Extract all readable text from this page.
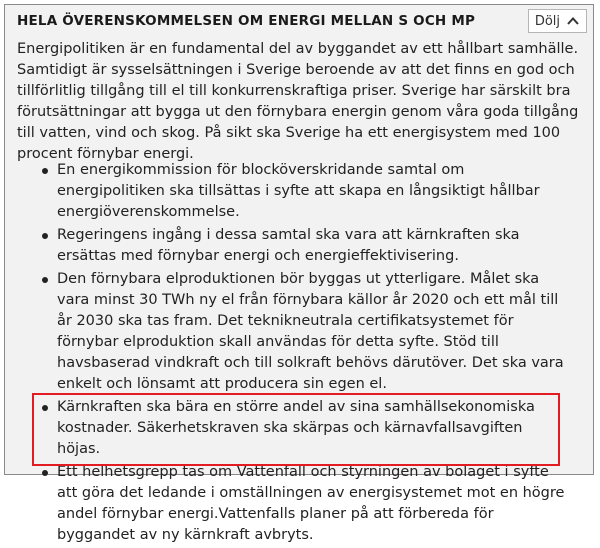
HELA ÖVERENSKOMMELSEN OM ENERGI MELLAN S OCH MP	Dölj

Energipolitiken är en fundamental del av byggandet av ett hållbart samhälle. Samtidigt är sysselsättningen i Sverige beroende av att det finns en god och tillförlitlig tillgång till el till konkurrenskraftiga priser. Sverige har särskilt bra förutsättningar att bygga ut den förnybara energin genom våra goda tillgång till vatten, vind och skog. På sikt ska Sverige ha ett energisystem med 100 procent förnybar energi.

En energikommission för blocköverskridande samtal om energipolitiken ska tillsättas i syfte att skapa en långsiktigt hållbar energiöverenskommelse.
Regeringens ingång i dessa samtal ska vara att kärnkraften ska ersättas med förnybar energi och energieffektivisering.
Den förnybara elproduktionen bör byggas ut ytterligare. Målet ska vara minst 30 TWh ny el från förnybara källor år 2020 och ett mål till år 2030 ska tas fram. Det teknikneutrala certifikatsystemet för förnybar elproduktion skall användas för detta syfte. Stöd till havsbaserad vindkraft och till solkraft behövs därutöver. Det ska vara enkelt och lönsamt att producera sin egen el.
Kärnkraften ska bära en större andel av sina samhällsekonomiska kostnader. Säkerhetskraven ska skärpas och kärnavfallsavgiften höjas.
Ett helhetsgrepp tas om Vattenfall och styrningen av bolaget i syfte att göra det ledande i omställningen av energisystemet mot en högre andel förnybar energi.Vattenfalls planer på att förbereda för byggandet av ny kärnkraft avbryts.
